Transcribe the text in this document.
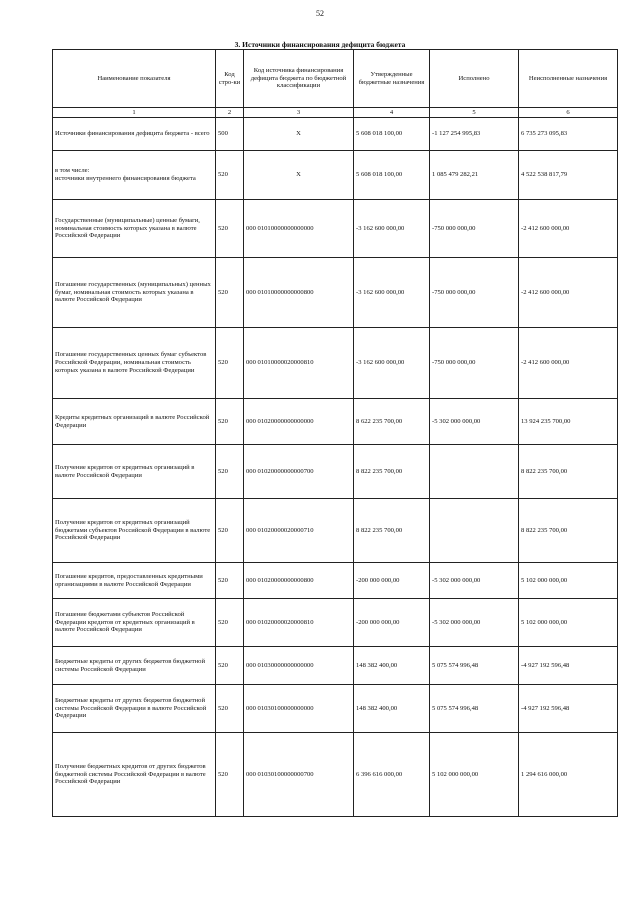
52
3. Источники финансирования дефицита бюджета
Наименование показателя	Код стро-ки	Код источника финансирования дефицита бюджета по бюджетной классификации	Утвержденные бюджетные назначения	Исполнено	Неисполненные назначения
1	2	3	4	5	6
Источники финансирования дефицита бюджета - всего	500	Х	5 608 018 100,00	-1 127 254 995,83	6 735 273 095,83
в том числе:
источники внутреннего финансирования бюджета	520	Х	5 608 018 100,00	1 085 479 282,21	4 522 538 817,79
Государственные (муниципальные) ценные бумаги, номинальная стоимость которых указана в валюте Российской Федерации	520	000 01010000000000000	-3 162 600 000,00	-750 000 000,00	-2 412 600 000,00
Погашение государственных (муниципальных) ценных бумаг, номинальная стоимость которых указана в валюте Российской Федерации	520	000 01010000000000800	-3 162 600 000,00	-750 000 000,00	-2 412 600 000,00
Погашение государственных ценных бумаг субъектов Российской Федерации, номинальная стоимость которых указана в валюте Российской Федерации	520	000 01010000020000810	-3 162 600 000,00	-750 000 000,00	-2 412 600 000,00
Кредиты кредитных организаций в валюте Российской Федерации	520	000 01020000000000000	8 622 235 700,00	-5 302 000 000,00	13 924 235 700,00
Получение кредитов от кредитных организаций в валюте Российской Федерации	520	000 01020000000000700	8 822 235 700,00		8 822 235 700,00
Получение кредитов от кредитных организаций бюджетами субъектов Российской Федерации в валюте Российской Федерации	520	000 01020000020000710	8 822 235 700,00		8 822 235 700,00
Погашение кредитов, предоставленных кредитными организациями в валюте Российской Федерации	520	000 01020000000000800	-200 000 000,00	-5 302 000 000,00	5 102 000 000,00
Погашение бюджетами субъектов Российской Федерации кредитов от кредитных организаций в валюте Российской Федерации	520	000 01020000020000810	-200 000 000,00	-5 302 000 000,00	5 102 000 000,00
Бюджетные кредиты от других бюджетов бюджетной системы Российской Федерации	520	000 01030000000000000	148 382 400,00	5 075 574 996,48	-4 927 192 596,48
Бюджетные кредиты от других бюджетов бюджетной системы Российской Федерации в валюте Российской Федерации	520	000 01030100000000000	148 382 400,00	5 075 574 996,48	-4 927 192 596,48
Получение бюджетных кредитов от других бюджетов бюджетной системы Российской Федерации в валюте Российской Федерации	520	000 01030100000000700	6 396 616 000,00	5 102 000 000,00	1 294 616 000,00
